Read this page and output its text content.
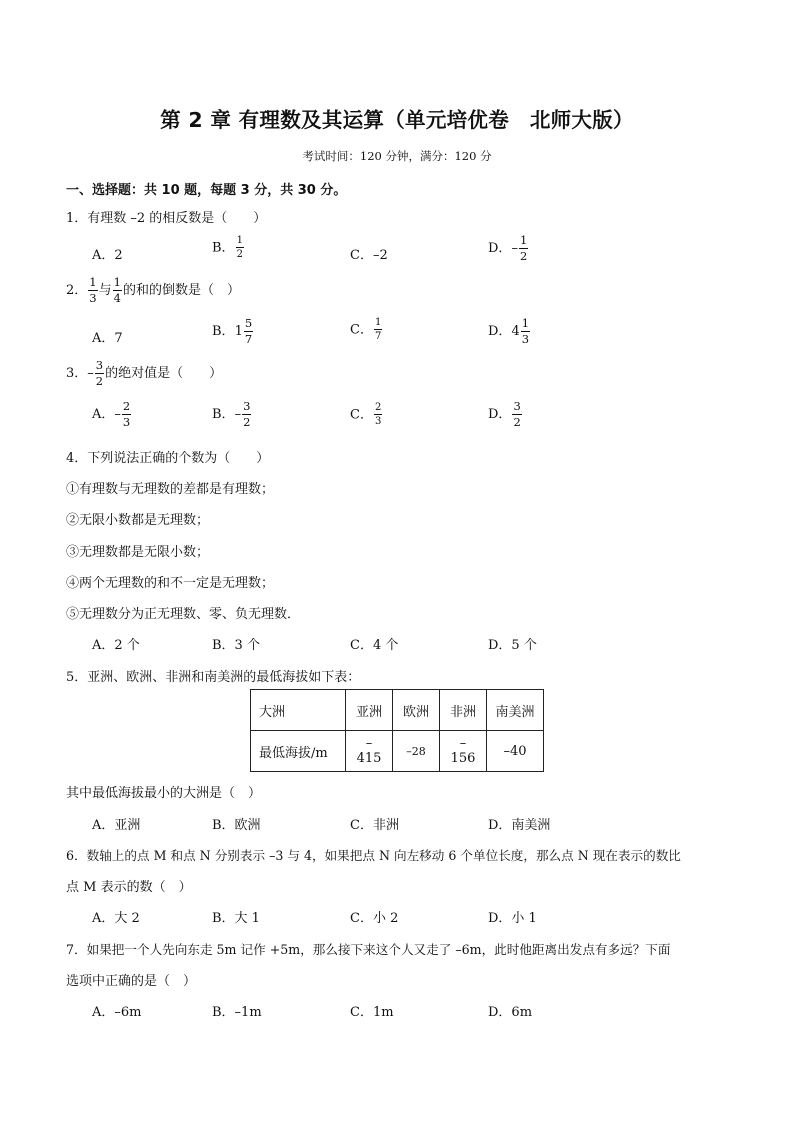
第 2 章 有理数及其运算（单元培优卷　北师大版）
考试时间：120 分钟，满分：120 分
一、选择题：共 10 题，每题 3 分，共 30 分。
1．有理数 –2 的相反数是（　　）
A．2	B． $\frac{1}{2}$	C．–2	D．– $\frac{1}{2}$
2． $\frac{1}{3}$ 与 $\frac{1}{4}$ 的和的倒数是（　）
A．7	B．$1 \frac{5}{7}$	C． $\frac{1}{7}$	D．$4 \frac{1}{3}$
3．– $\frac{3}{2}$ 的绝对值是（　　）
A．– $\frac{2}{3}$	B．– $\frac{3}{2}$	C． $\frac{2}{3}$	D． $\frac{3}{2}$
4．下列说法正确的个数为（　　）
①有理数与无理数的差都是有理数；
②无限小数都是无理数；
③无理数都是无限小数；
④两个无理数的和不一定是无理数；
⑤无理数分为正无理数、零、负无理数．
A．2 个	B．3 个	C．4 个	D．5 个
5．亚洲、欧洲、非洲和南美洲的最低海拔如下表：
大洲	亚洲	欧洲	非洲	南美洲
最低海拔/m	–415	–28	–156	–40
其中最低海拔最小的大洲是（　）
A．亚洲	B．欧洲	C．非洲	D．南美洲
6．数轴上的点 M 和点 N 分别表示 –3 与 4，如果把点 N 向左移动 6 个单位长度，那么点 N 现在表示的数比
点 M 表示的数（　）
A．大 2	B．大 1	C．小 2	D．小 1
7．如果把一个人先向东走 5m 记作 +5m，那么接下来这个人又走了 –6m，此时他距离出发点有多远？下面
选项中正确的是（　）
A．–6m	B．–1m	C．1m	D．6m
